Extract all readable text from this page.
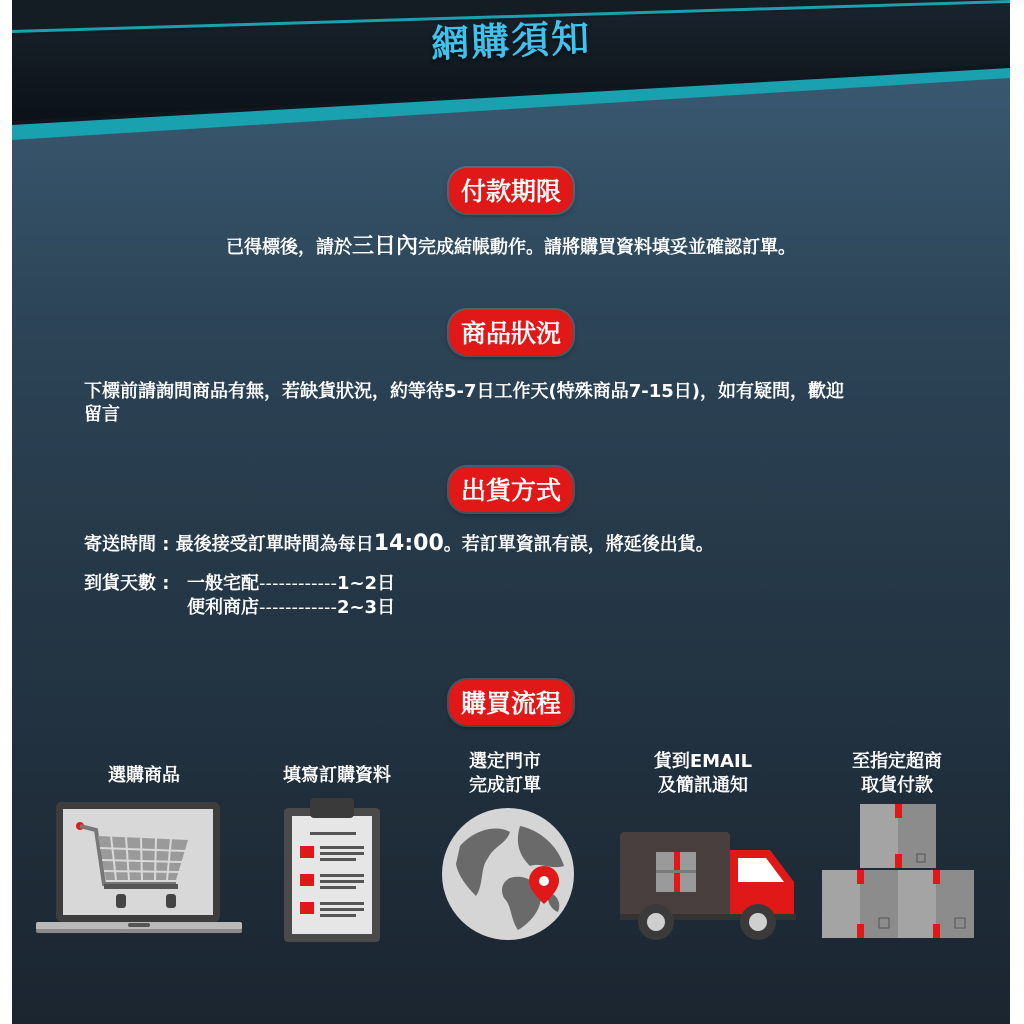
網購須知
付款期限
已得標後，請於三日內完成結帳動作。請將購買資料填妥並確認訂單。
商品狀況
下標前請詢問商品有無，若缺貨狀況，約等待5-7日工作天(特殊商品7-15日)，如有疑問，歡迎
留言
出貨方式
寄送時間 : 最後接受訂單時間為每日14:00。若訂單資訊有誤，將延後出貨。
到貨天數 : 一般宅配------------1~2日
便利商店------------2~3日
購買流程
選購商品	填寫訂購資料
選定門市
完成訂單
貨到EMAIL
及簡訊通知
至指定超商
取貨付款
